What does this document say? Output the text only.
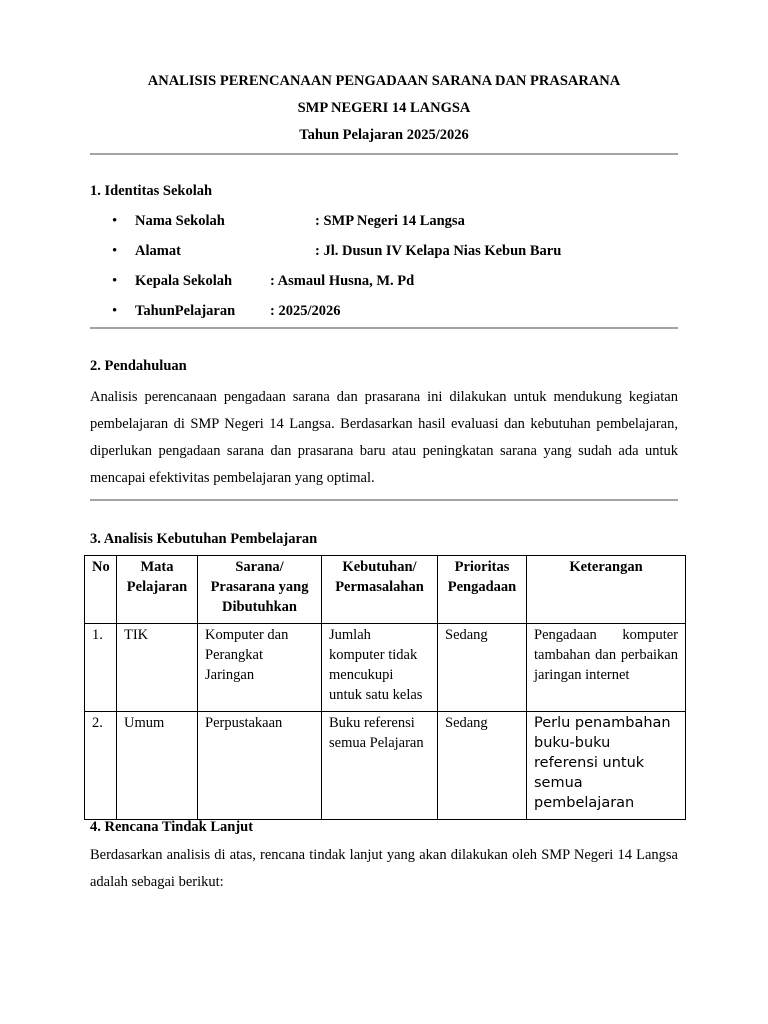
ANALISIS PERENCANAAN PENGADAAN SARANA DAN PRASARANA
SMP NEGERI 14 LANGSA
Tahun Pelajaran 2025/2026
1. Identitas Sekolah
• Nama Sekolah	: SMP Negeri 14 Langsa
• Alamat	: Jl. Dusun IV Kelapa Nias Kebun Baru
• Kepala Sekolah	: Asmaul Husna, M. Pd
• TahunPelajaran : 2025/2026
2. Pendahuluan

Analisis perencanaan pengadaan sarana dan prasarana ini dilakukan untuk mendukung kegiatan pembelajaran di SMP Negeri 14 Langsa. Berdasarkan hasil evaluasi dan kebutuhan pembelajaran, diperlukan pengadaan sarana dan prasarana baru atau peningkatan sarana yang sudah ada untuk mencapai efektivitas pembelajaran yang optimal.

3. Analisis Kebutuhan Pembelajaran
No	Mata Pelajaran	Sarana/ Prasarana yang Dibutuhkan	Kebutuhan/ Permasalahan	Prioritas Pengadaan	Keterangan
1.	TIK	Komputer dan Perangkat Jaringan	Jumlah komputer tidak mencukupi untuk satu kelas	Sedang	Pengadaan komputer tambahan dan perbaikan jaringan internet
2.	Umum	Perpustakaan	Buku referensi semua Pelajaran	Sedang	Perlu penambahan buku-buku referensi untuk semua pembelajaran
4. Rencana Tindak Lanjut

Berdasarkan analisis di atas, rencana tindak lanjut yang akan dilakukan oleh SMP Negeri 14 Langsa adalah sebagai berikut:
